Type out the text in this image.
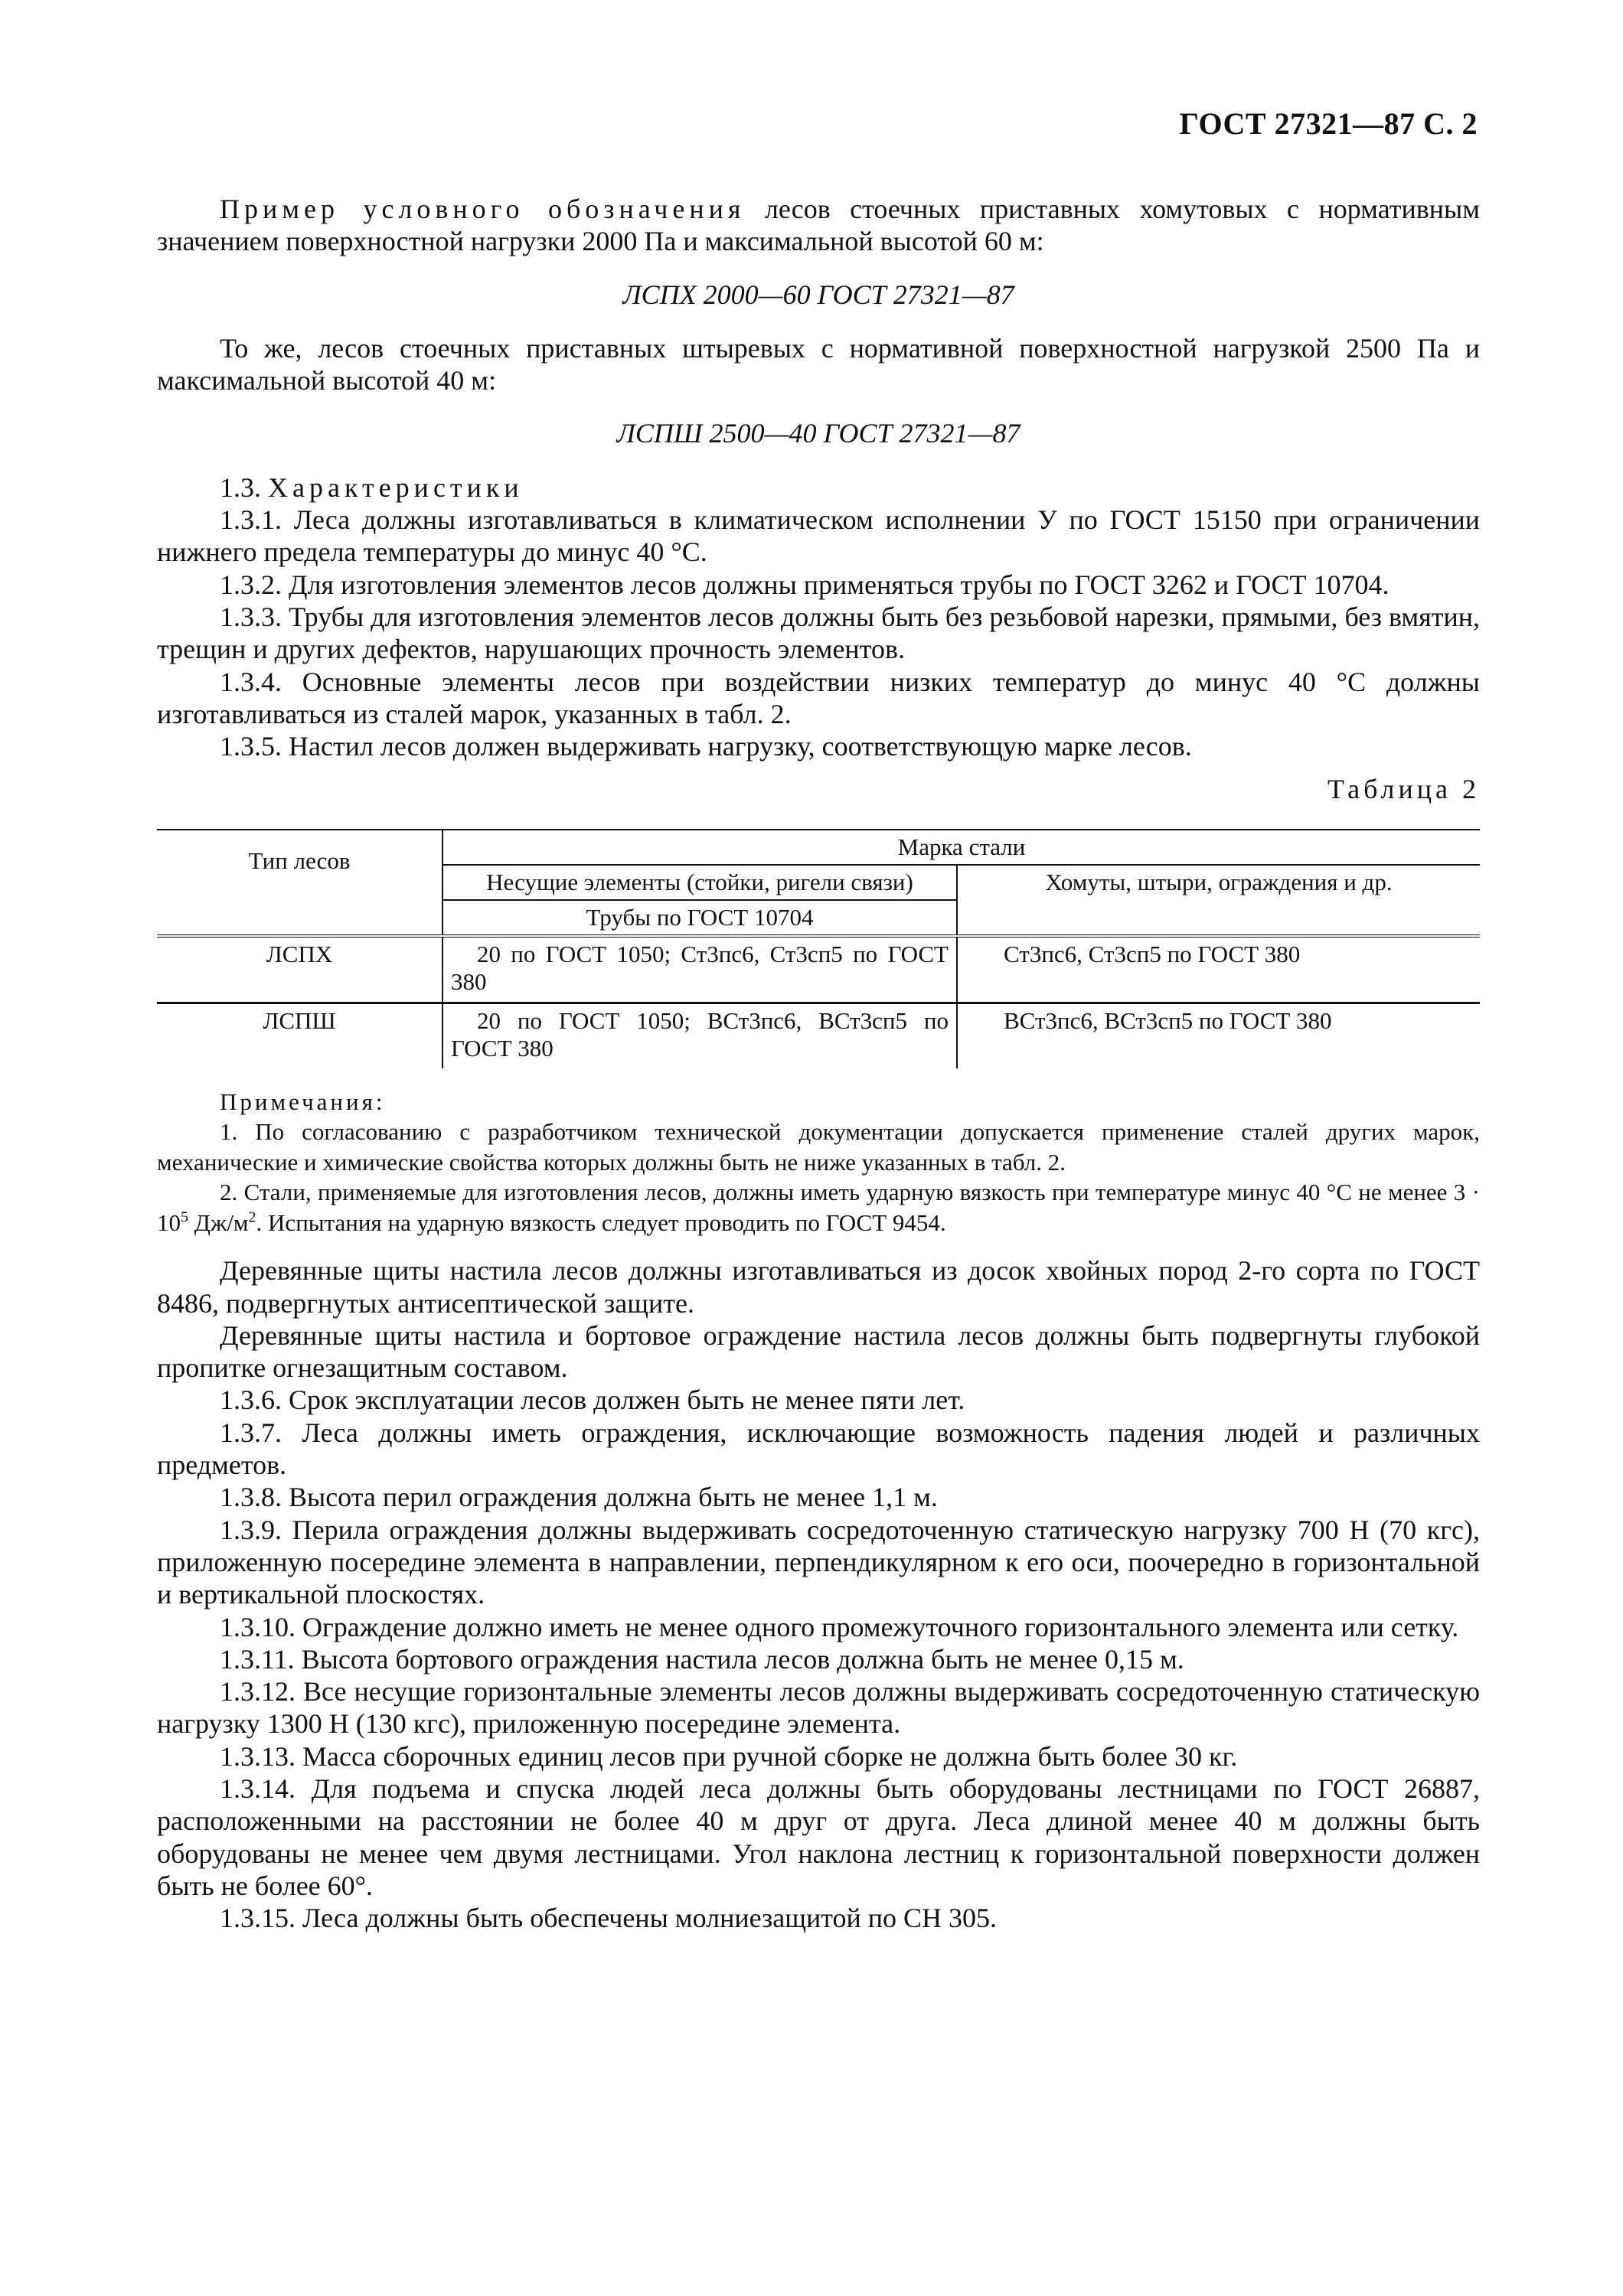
ГОСТ 27321—87 С. 2

Пример условного обозначения лесов стоечных приставных хомутовых с нормативным значением поверхностной нагрузки 2000 Па и максимальной высотой 60 м:

ЛСПХ 2000—60 ГОСТ 27321—87

То же, лесов стоечных приставных штыревых с нормативной поверхностной нагрузкой 2500 Па и максимальной высотой 40 м:

ЛСПШ 2500—40 ГОСТ 27321—87

1.3. Характеристики

1.3.1. Леса должны изготавливаться в климатическом исполнении У по ГОСТ 15150 при ограничении нижнего предела температуры до минус 40 °С.

1.3.2. Для изготовления элементов лесов должны применяться трубы по ГОСТ 3262 и ГОСТ 10704.

1.3.3. Трубы для изготовления элементов лесов должны быть без резьбовой нарезки, прямыми, без вмятин, трещин и других дефектов, нарушающих прочность элементов.

1.3.4. Основные элементы лесов при воздействии низких температур до минус 40 °С должны изготавливаться из сталей марок, указанных в табл. 2.

1.3.5. Настил лесов должен выдерживать нагрузку, соответствующую марке лесов.

Таблица 2

Тип лесов	Марка стали	
	Несущие элементы (стойки, ригели связи)	Хомуты, штыри, ограждения и др.
	Трубы по ГОСТ 10704	
ЛСПХ	20 по ГОСТ 1050; Ст3пс6, Ст3сп5 по ГОСТ 380	Ст3пс6, Ст3сп5 по ГОСТ 380
ЛСПШ	20 по ГОСТ 1050; ВСт3пс6, ВСт3сп5 по ГОСТ 380	ВСт3пс6, ВСт3сп5 по ГОСТ 380

Примечания:

1. По согласованию с разработчиком технической документации допускается применение сталей других марок, механические и химические свойства которых должны быть не ниже указанных в табл. 2.

2. Стали, применяемые для изготовления лесов, должны иметь ударную вязкость при температуре минус 40 °С не менее $3 \cdot 10^5$ $Дж/м^2$. Испытания на ударную вязкость следует проводить по ГОСТ 9454.

Деревянные щиты настила лесов должны изготавливаться из досок хвойных пород 2-го сорта по ГОСТ 8486, подвергнутых антисептической защите.

Деревянные щиты настила и бортовое ограждение настила лесов должны быть подвергнуты глубокой пропитке огнезащитным составом.

1.3.6. Срок эксплуатации лесов должен быть не менее пяти лет.

1.3.7. Леса должны иметь ограждения, исключающие возможность падения людей и различных предметов.

1.3.8. Высота перил ограждения должна быть не менее 1,1 м.

1.3.9. Перила ограждения должны выдерживать сосредоточенную статическую нагрузку 700 Н (70 кгс), приложенную посередине элемента в направлении, перпендикулярном к его оси, поочередно в горизонтальной и вертикальной плоскостях.

1.3.10. Ограждение должно иметь не менее одного промежуточного горизонтального элемента или сетку.

1.3.11. Высота бортового ограждения настила лесов должна быть не менее 0,15 м.

1.3.12. Все несущие горизонтальные элементы лесов должны выдерживать сосредоточенную статическую нагрузку 1300 Н (130 кгс), приложенную посередине элемента.

1.3.13. Масса сборочных единиц лесов при ручной сборке не должна быть более 30 кг.

1.3.14. Для подъема и спуска людей леса должны быть оборудованы лестницами по ГОСТ 26887, расположенными на расстоянии не более 40 м друг от друга. Леса длиной менее 40 м должны быть оборудованы не менее чем двумя лестницами. Угол наклона лестниц к горизонтальной поверхности должен быть не более 60°.

1.3.15. Леса должны быть обеспечены молниезащитой по СН 305.
